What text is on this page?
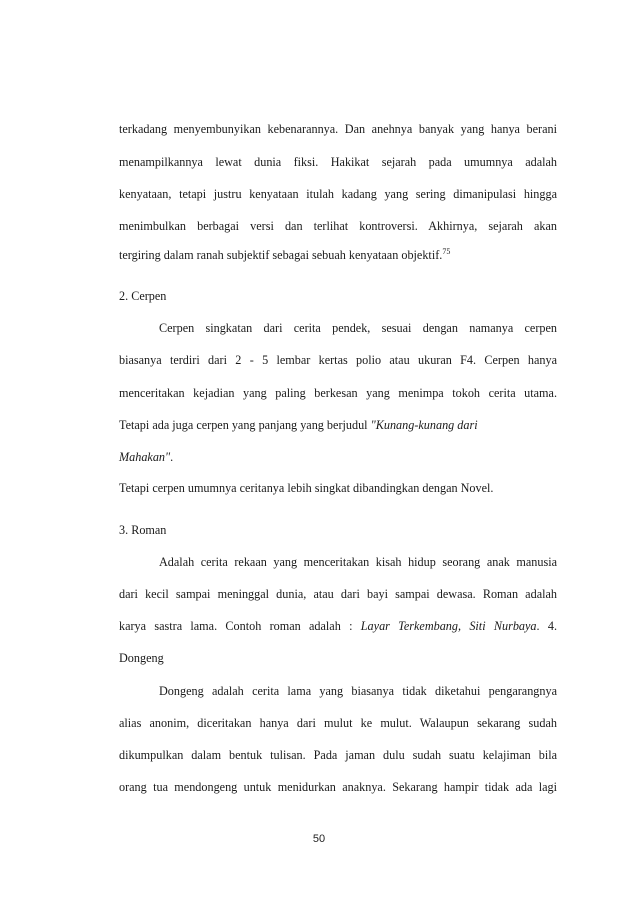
terkadang menyembunyikan kebenarannya. Dan anehnya banyak yang hanya berani
menampilkannya lewat dunia fiksi. Hakikat sejarah pada umumnya adalah
kenyataan, tetapi justru kenyataan itulah kadang yang sering dimanipulasi hingga
menimbulkan berbagai versi dan terlihat kontroversi. Akhirnya, sejarah akan
tergiring dalam ranah subjektif sebagai sebuah kenyataan objektif.$^{75}$
2. Cerpen
Cerpen singkatan dari cerita pendek, sesuai dengan namanya cerpen
biasanya terdiri dari 2 - 5 lembar kertas polio atau ukuran F4. Cerpen hanya
menceritakan kejadian yang paling berkesan yang menimpa tokoh cerita utama.
Tetapi ada juga cerpen yang panjang yang berjudul "Kunang-kunang dari
Mahakan".
Tetapi cerpen umumnya ceritanya lebih singkat dibandingkan dengan Novel.
3. Roman
Adalah cerita rekaan yang menceritakan kisah hidup seorang anak manusia
dari kecil sampai meninggal dunia, atau dari bayi sampai dewasa. Roman adalah
karya sastra lama. Contoh roman adalah : Layar Terkembang, Siti Nurbaya. 4.
Dongeng
Dongeng adalah cerita lama yang biasanya tidak diketahui pengarangnya
alias anonim, diceritakan hanya dari mulut ke mulut. Walaupun sekarang sudah
dikumpulkan dalam bentuk tulisan. Pada jaman dulu sudah suatu kelajiman bila
orang tua mendongeng untuk menidurkan anaknya. Sekarang hampir tidak ada lagi
50
